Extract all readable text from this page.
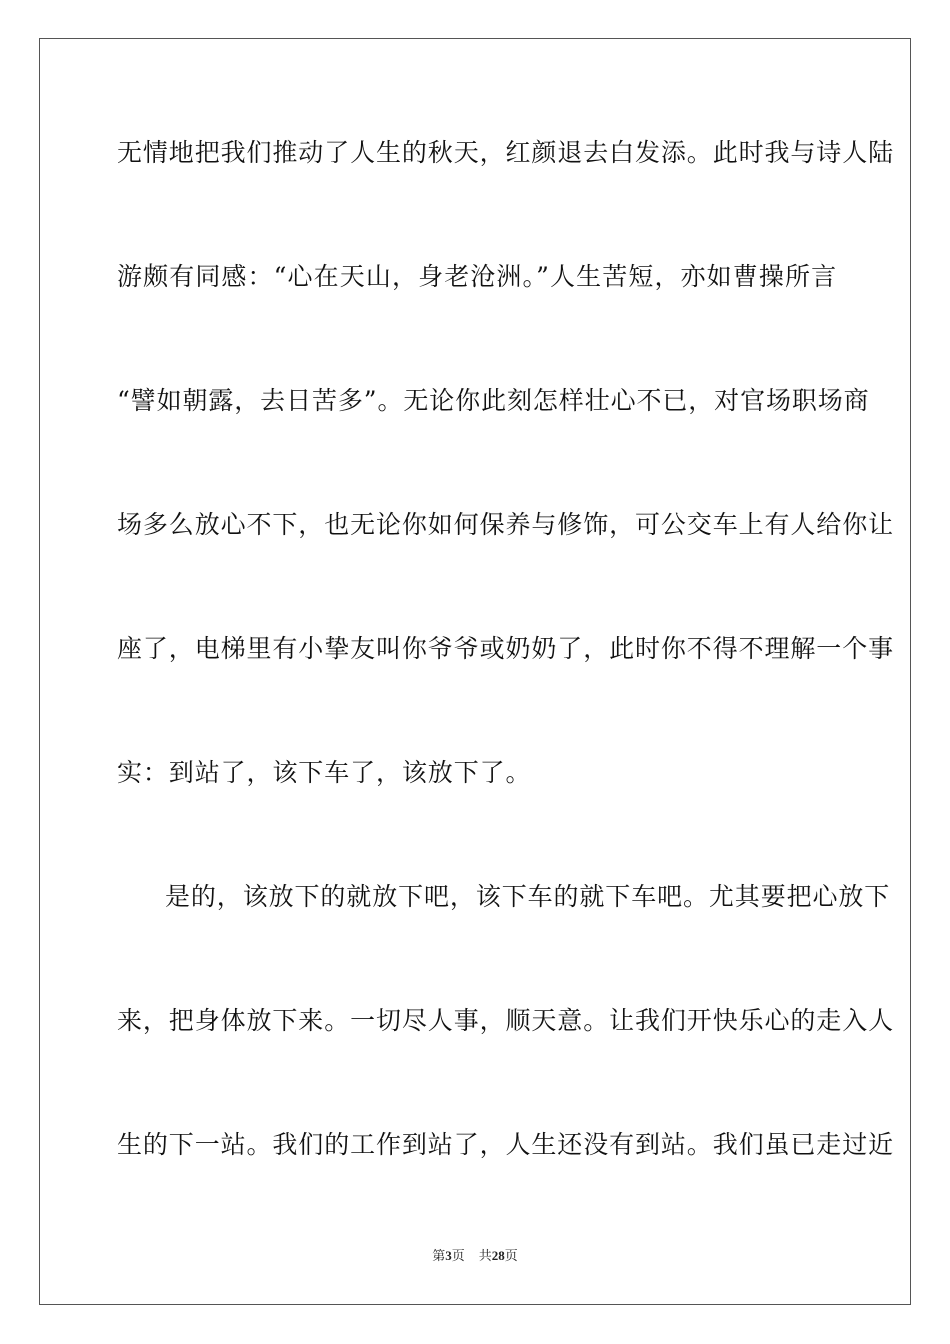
无情地把我们推动了人生的秋天，红颜退去白发添。此时我与诗人陆
游颇有同感：“心在天山，身老沧洲。”人生苦短，亦如曹操所言
“譬如朝露，去日苦多”。无论你此刻怎样壮心不已，对官场职场商
场多么放心不下，也无论你如何保养与修饰，可公交车上有人给你让
座了，电梯里有小挚友叫你爷爷或奶奶了，此时你不得不理解一个事
实：到站了，该下车了，该放下了。
是的，该放下的就放下吧，该下车的就下车吧。尤其要把心放下
来，把身体放下来。一切尽人事，顺天意。让我们开快乐心的走入人
生的下一站。我们的工作到站了，人生还没有到站。我们虽已走过近
第3页 共28页
